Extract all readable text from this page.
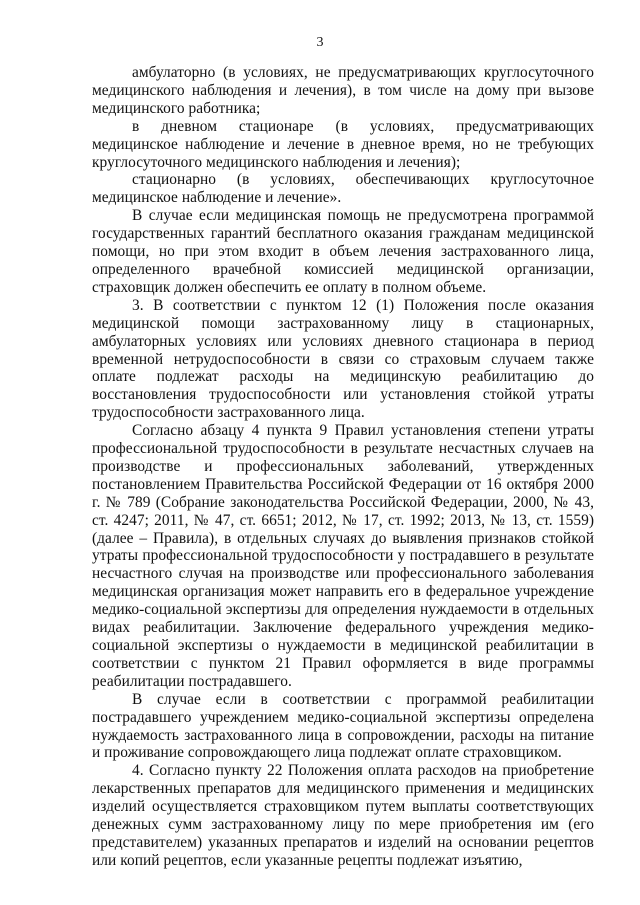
3

амбулаторно (в условиях, не предусматривающих круглосуточного медицинского наблюдения и лечения), в том числе на дому при вызове медицинского работника;

в дневном стационаре (в условиях, предусматривающих медицинское наблюдение и лечение в дневное время, но не требующих круглосуточного медицинского наблюдения и лечения);

стационарно (в условиях, обеспечивающих круглосуточное медицинское наблюдение и лечение».

В случае если медицинская помощь не предусмотрена программой государственных гарантий бесплатного оказания гражданам медицинской помощи, но при этом входит в объем лечения застрахованного лица, определенного врачебной комиссией медицинской организации, страховщик должен обеспечить ее оплату в полном объеме.

3. В соответствии с пунктом 12 (1) Положения после оказания медицинской помощи застрахованному лицу в стационарных, амбулаторных условиях или условиях дневного стационара в период временной нетрудоспособности в связи со страховым случаем также оплате подлежат расходы на медицинскую реабилитацию до восстановления трудоспособности или установления стойкой утраты трудоспособности застрахованного лица.

Согласно абзацу 4 пункта 9 Правил установления степени утраты профессиональной трудоспособности в результате несчастных случаев на производстве и профессиональных заболеваний, утвержденных постановлением Правительства Российской Федерации от 16 октября 2000 г. № 789 (Собрание законодательства Российской Федерации, 2000, № 43, ст. 4247; 2011, № 47, ст. 6651; 2012, № 17, ст. 1992; 2013, № 13, ст. 1559) (далее – Правила), в отдельных случаях до выявления признаков стойкой утраты профессиональной трудоспособности у пострадавшего в результате несчастного случая на производстве или профессионального заболевания медицинская организация может направить его в федеральное учреждение медико-социальной экспертизы для определения нуждаемости в отдельных видах реабилитации. Заключение федерального учреждения медико-социальной экспертизы о нуждаемости в медицинской реабилитации в соответствии с пунктом 21 Правил оформляется в виде программы реабилитации пострадавшего.

В случае если в соответствии с программой реабилитации пострадавшего учреждением медико-социальной экспертизы определена нуждаемость застрахованного лица в сопровождении, расходы на питание и проживание сопровождающего лица подлежат оплате страховщиком.

4. Согласно пункту 22 Положения оплата расходов на приобретение лекарственных препаратов для медицинского применения и медицинских изделий осуществляется страховщиком путем выплаты соответствующих денежных сумм застрахованному лицу по мере приобретения им (его представителем) указанных препаратов и изделий на основании рецептов или копий рецептов, если указанные рецепты подлежат изъятию,
